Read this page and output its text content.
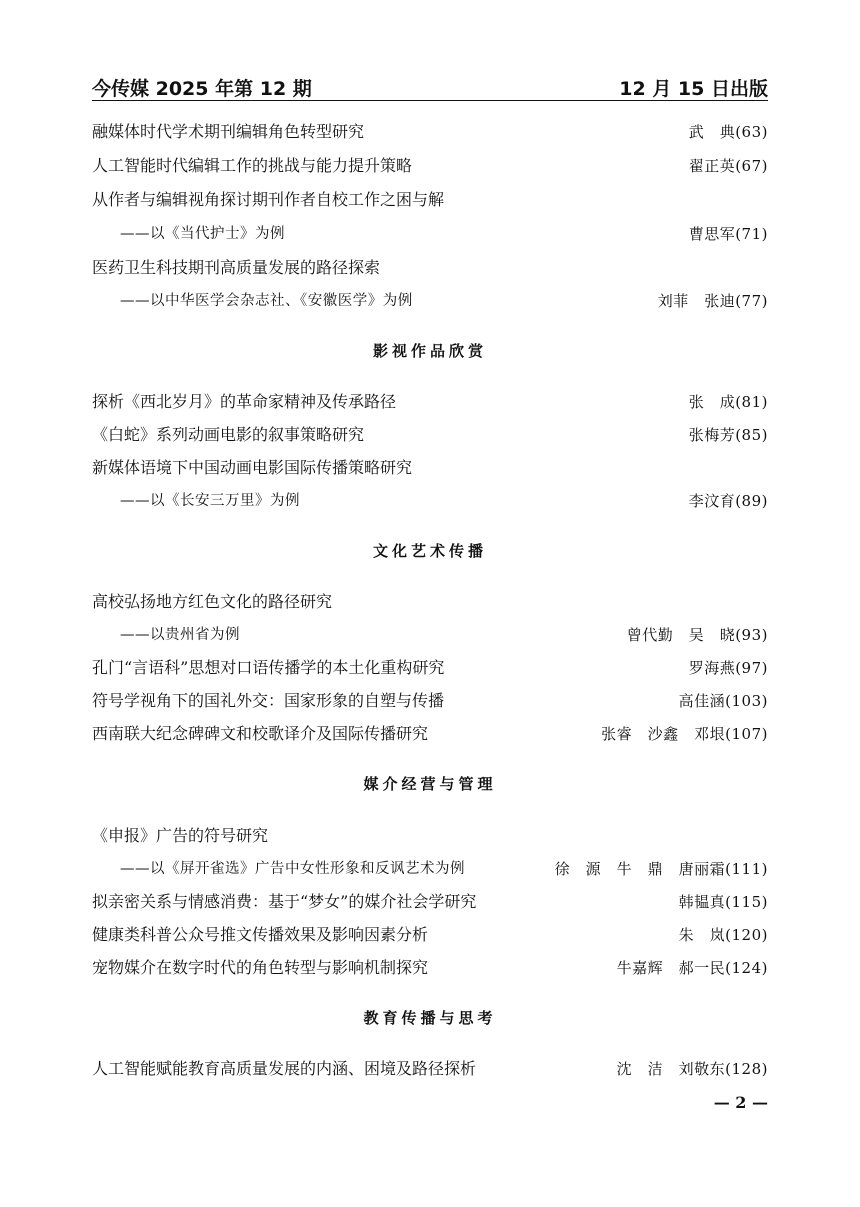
今传媒 2025 年第 12 期	12 月 15 日出版
融媒体时代学术期刊编辑角色转型研究	武　典(63)
人工智能时代编辑工作的挑战与能力提升策略	翟正英(67)
从作者与编辑视角探讨期刊作者自校工作之困与解
——以《当代护士》为例	曹思军(71)
医药卫生科技期刊高质量发展的路径探索
——以中华医学会杂志社、《安徽医学》为例	刘菲　张迪(77)
影视作品欣赏
探析《西北岁月》的革命家精神及传承路径	张　成(81)
《白蛇》系列动画电影的叙事策略研究	张梅芳(85)
新媒体语境下中国动画电影国际传播策略研究
——以《长安三万里》为例	李汶育(89)
文化艺术传播
高校弘扬地方红色文化的路径研究
——以贵州省为例	曾代勤　吴　晓(93)
孔门“言语科”思想对口语传播学的本土化重构研究	罗海燕(97)
符号学视角下的国礼外交：国家形象的自塑与传播	高佳涵(103)
西南联大纪念碑碑文和校歌译介及国际传播研究	张睿　沙鑫　邓垠(107)
媒介经营与管理
《申报》广告的符号研究
——以《屏开雀选》广告中女性形象和反讽艺术为例	徐　源　牛　鼎　唐丽霜(111)
拟亲密关系与情感消费：基于“梦女”的媒介社会学研究	韩韫真(115)
健康类科普公众号推文传播效果及影响因素分析	朱　岚(120)
宠物媒介在数字时代的角色转型与影响机制探究	牛嘉辉　郝一民(124)
教育传播与思考
人工智能赋能教育高质量发展的内涵、困境及路径探析	沈　洁　刘敬东(128)
— 2 —
